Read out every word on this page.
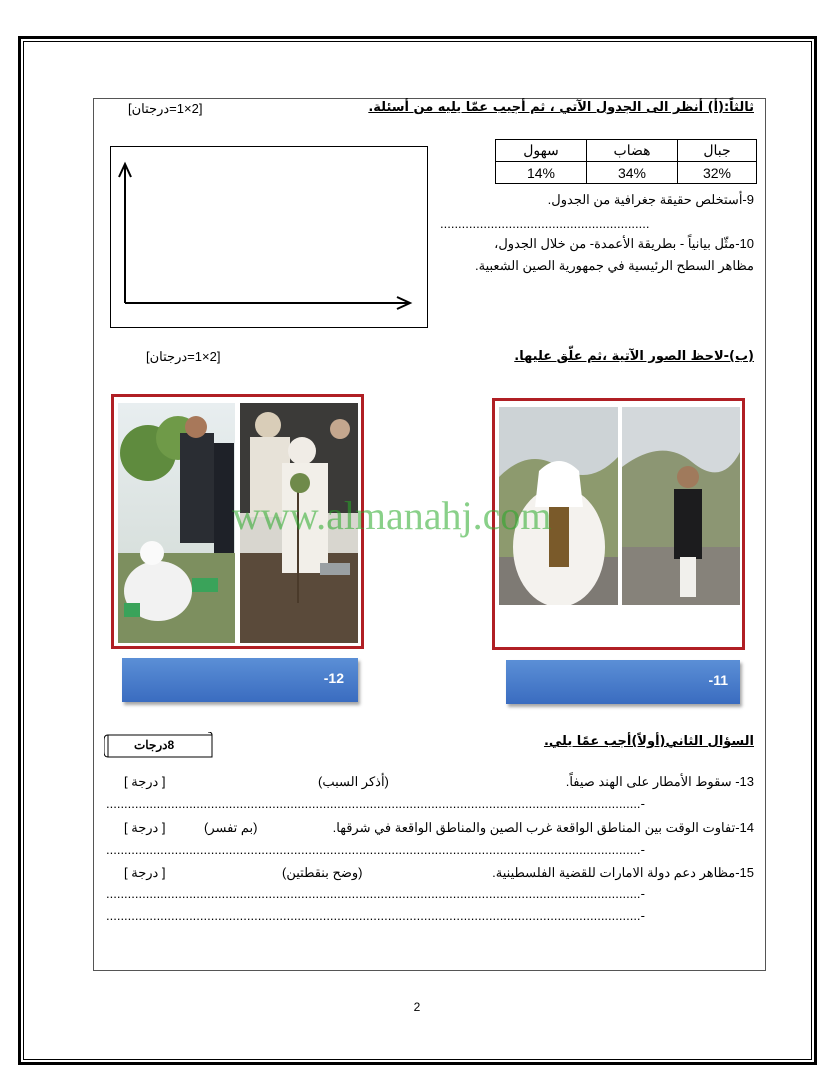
ثالثاً:(أ) أنظر الى الجدول الآتي ، ثم أجيب عمّا يليه من أسئلة.
[2×1=درجتان]
جبال	هضاب	سهول
32%	34%	14%
9-أستخلص حقيقة جغرافية من الجدول.
..........................................................
10-مثّل بيانياً - بطريقة الأعمدة- من خلال الجدول،
مظاهر السطح الرئيسية في جمهورية الصين الشعبية.
(ب)-لاحظ الصور الآتية ،ثم علّق عليها.
[2×1=درجتان]
www.almanahj.com
-12	-11
السؤال الثاني(أولاً)أجب عمًا يلي.
8درجات
13- سقوط الأمطار على الهند صيفاً.
(أذكر السبب)
[ درجة ]
....................................................................................................................................................-
14-تفاوت الوقت بين المناطق الواقعة غرب الصين والمناطق الواقعة في شرقها.
(بم تفسر)
[ درجة ]
....................................................................................................................................................-
15-مظاهر دعم دولة الامارات للقضية الفلسطينية.
(وضح بنقطتين)
[ درجة ]
....................................................................................................................................................-
....................................................................................................................................................-
2
